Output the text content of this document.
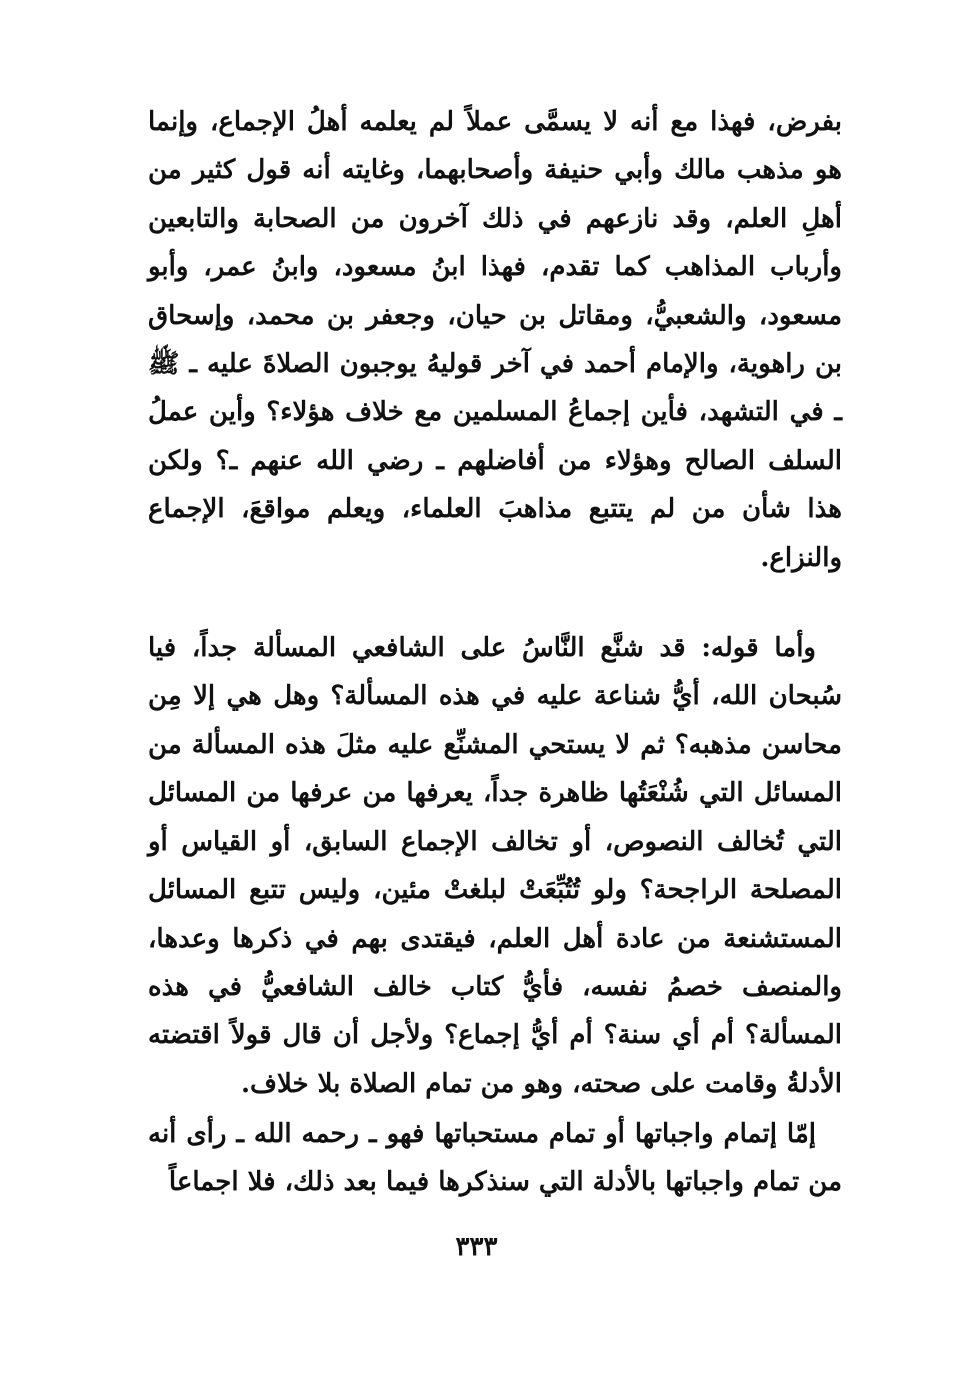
بفرض، فهذا مع أنه لا يسمَّى عملاً لم يعلمه أهلُ الإجماع، وإنما هو مذهب مالك وأبي حنيفة وأصحابهما، وغايته أنه قول كثير من أهلِ العلم، وقد نازعهم في ذلك آخرون من الصحابة والتابعين وأرباب المذاهب كما تقدم، فهذا ابنُ مسعود، وابنُ عمر، وأبو مسعود، والشعبيُّ، ومقاتل بن حيان، وجعفر بن محمد، وإسحاق بن راهوية، والإمام أحمد في آخر قوليهُ يوجبون الصلاةَ عليه ـ ﷺ ـ في التشهد، فأين إجماعُ المسلمين مع خلاف هؤلاء؟ وأين عملُ السلف الصالح وهؤلاء من أفاضلهم ـ رضي الله عنهم ـ؟ ولكن هذا شأن من لم يتتبع مذاهبَ العلماء، ويعلم مواقعَ، الإجماع والنزاع.

وأما قوله: قد شنَّع النَّاسُ على الشافعي المسألة جداً، فيا سُبحان الله، أيُّ شناعة عليه في هذه المسألة؟ وهل هي إلا مِن محاسن مذهبه؟ ثم لا يستحي المشنِّع عليه مثلَ هذه المسألة من المسائل التي شُنْعَتُها ظاهرة جداً، يعرفها من عرفها من المسائل التي تُخالف النصوص، أو تخالف الإجماع السابق، أو القياس أو المصلحة الراجحة؟ ولو تُتُبِّعَتْ لبلغتْ مئين، وليس تتبع المسائل المستشنعة من عادة أهل العلم، فيقتدى بهم في ذكرها وعدها، والمنصف خصمُ نفسه، فأيُّ كتاب خالف الشافعيُّ في هذه المسألة؟ أم أي سنة؟ أم أيُّ إجماع؟ ولأجل أن قال قولاً اقتضته الأدلةُ وقامت على صحته، وهو من تمام الصلاة بلا خلاف.

إمّا إتمام واجباتها أو تمام مستحباتها فهو ـ رحمه الله ـ رأى أنه من تمام واجباتها بالأدلة التي سنذكرها فيما بعد ذلك، فلا اجماعاً

٣٣٣
